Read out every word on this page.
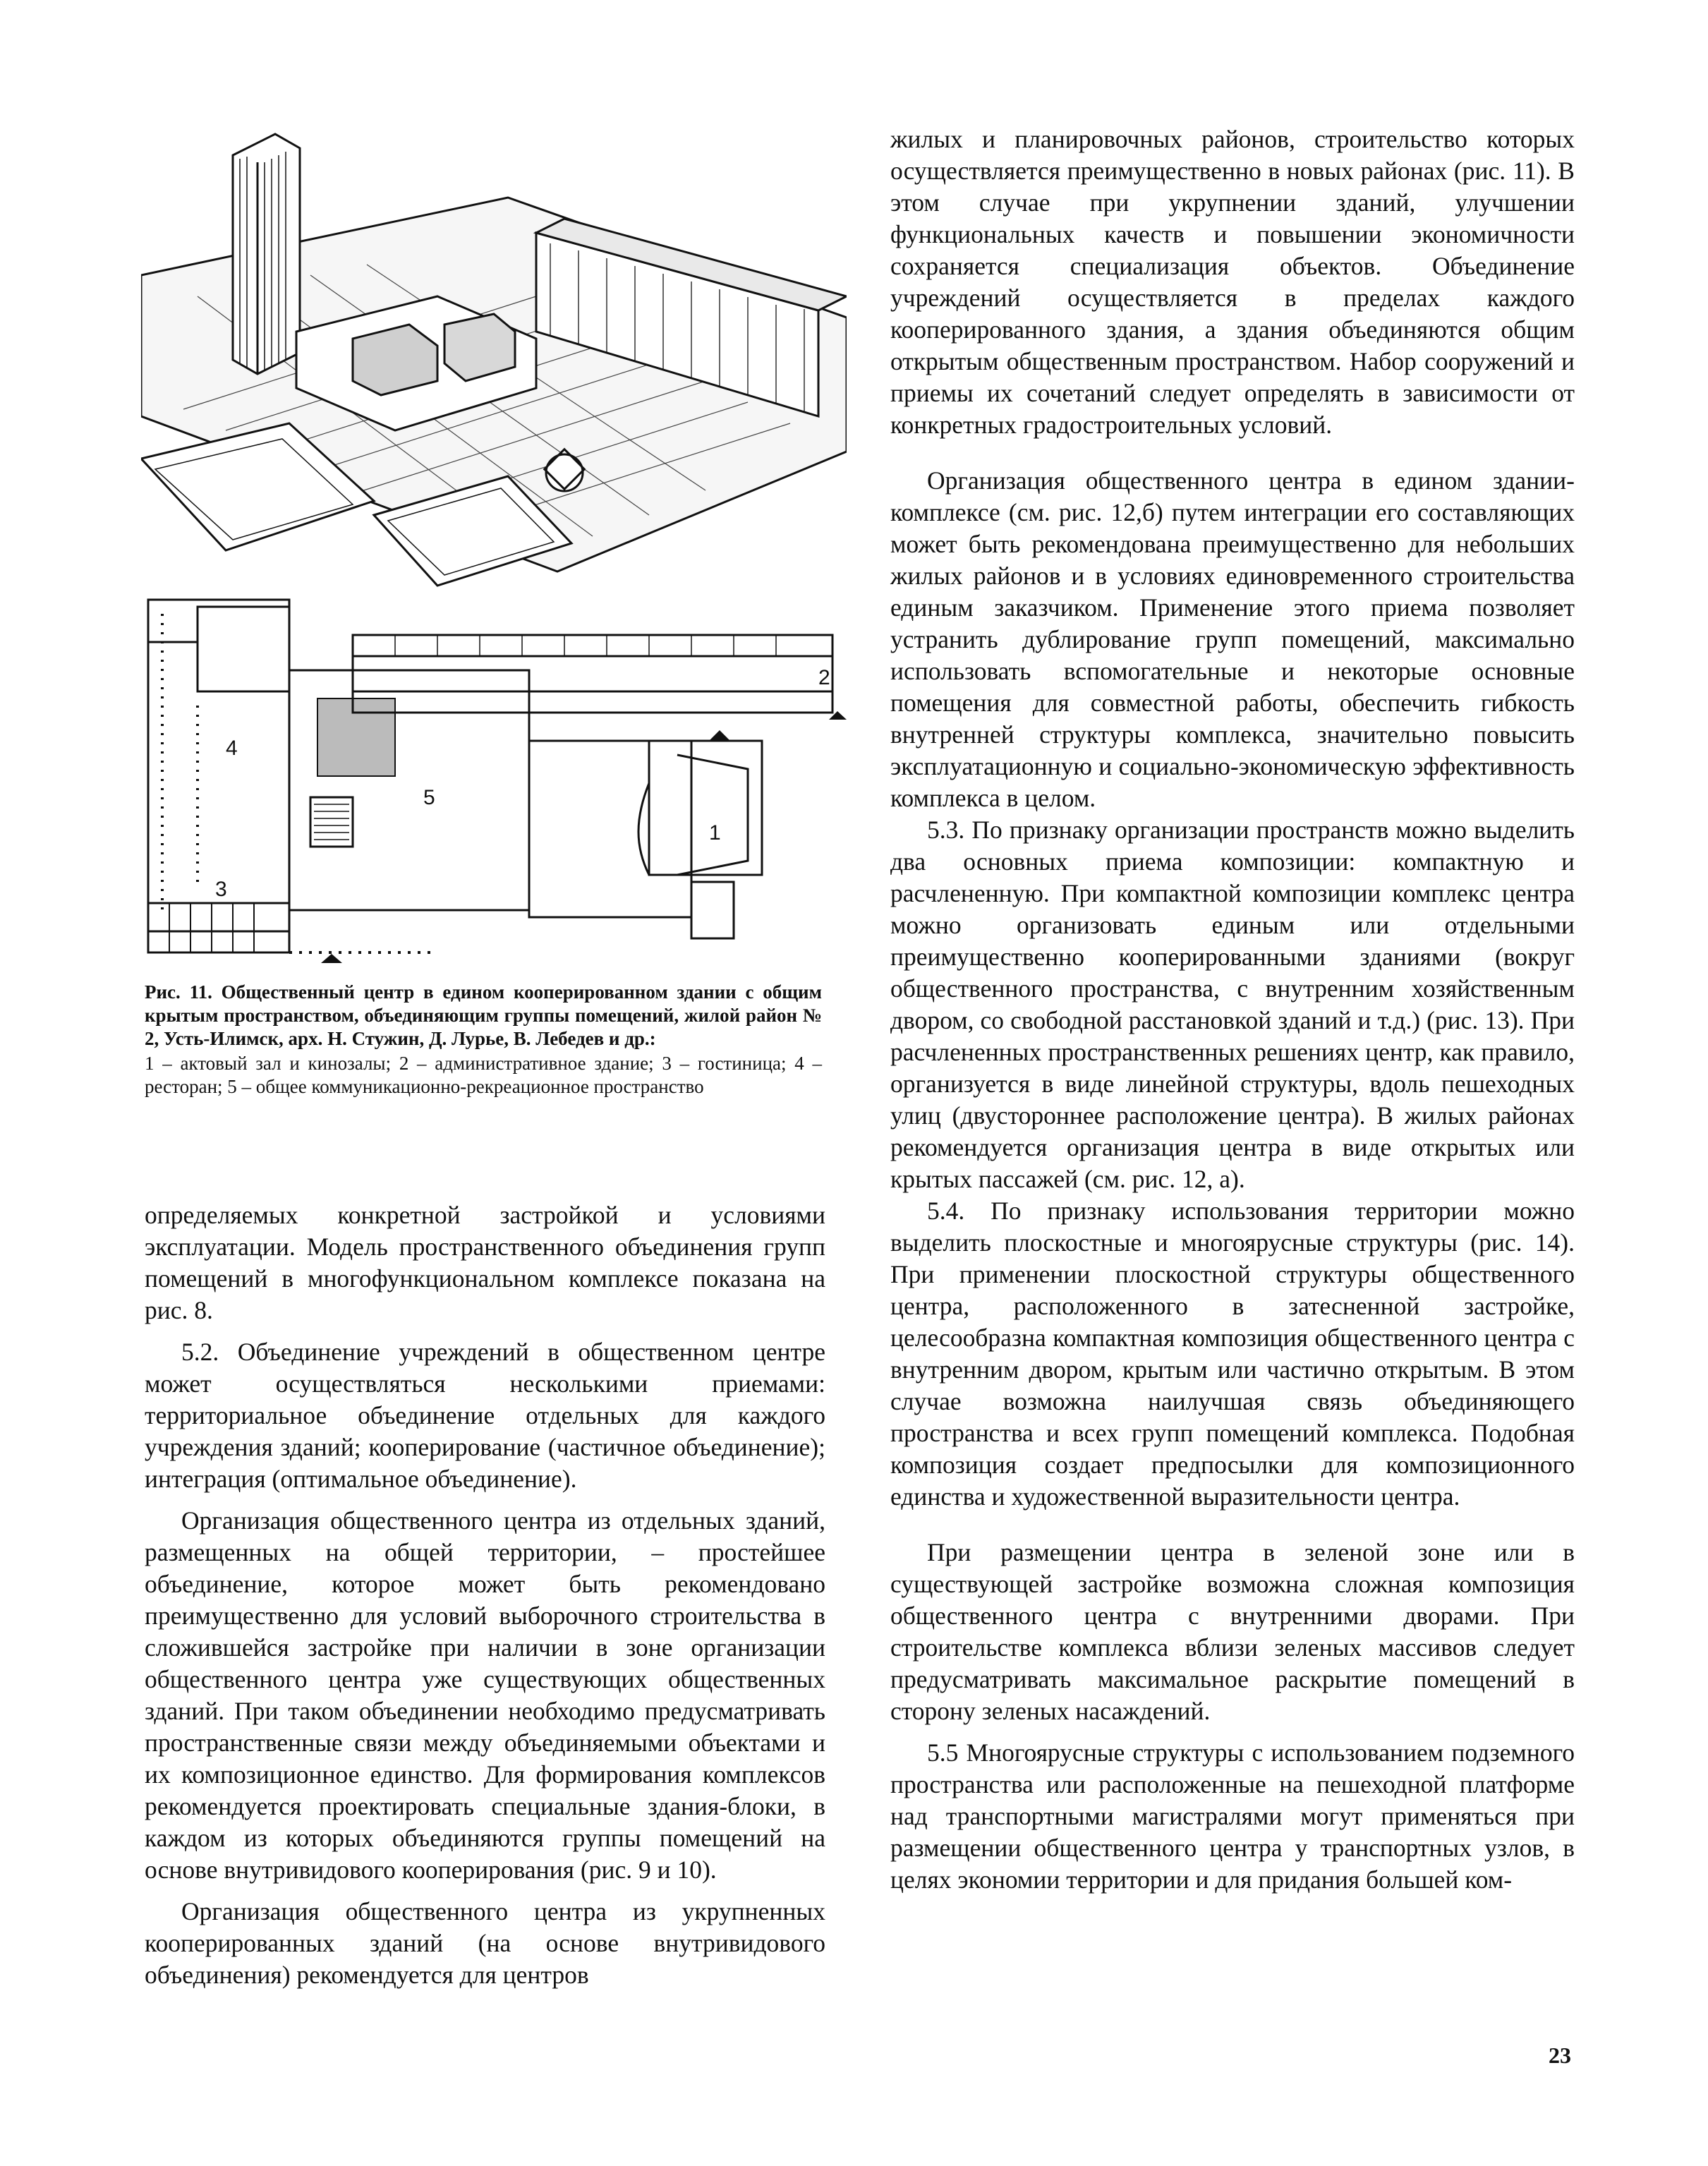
1
2
3
4
5
Рис. 11. Общественный центр в едином кооперированном здании с общим крытым пространством, объединяющим группы помещений, жилой район № 2, Усть-Илимск, арх. Н. Стужин, Д. Лурье, В. Лебедев и др.:
1 – актовый зал и кинозалы; 2 – административное здание; 3 – гостиница; 4 – ресторан; 5 – общее коммуникационно-рекреационное пространство

определяемых конкретной застройкой и условиями эксплуатации. Модель пространственного объединения групп помещений в многофункциональном комплексе показана на рис. 8.

5.2. Объединение учреждений в общественном центре может осуществляться несколькими приемами: территориальное объединение отдельных для каждого учреждения зданий; кооперирование (частичное объединение); интеграция (оптимальное объединение).

Организация общественного центра из отдельных зданий, размещенных на общей территории, – простейшее объединение, которое может быть рекомендовано преимущественно для условий выборочного строительства в сложившейся застройке при наличии в зоне организации общественного центра уже существующих общественных зданий. При таком объединении необходимо предусматривать пространственные связи между объединяемыми объектами и их композиционное единство. Для формирования комплексов рекомендуется проектировать специальные здания-блоки, в каждом из которых объединяются группы помещений на основе внутривидового кооперирования (рис. 9 и 10).

Организация общественного центра из укрупненных кооперированных зданий (на основе внутривидового объединения) рекомендуется для центров

жилых и планировочных районов, строительство которых осуществляется преимущественно в новых районах (рис. 11). В этом случае при укрупнении зданий, улучшении функциональных качеств и повышении экономичности сохраняется специализация объектов. Объединение учреждений осуществляется в пределах каждого кооперированного здания, а здания объединяются общим открытым общественным пространством. Набор сооружений и приемы их сочетаний следует определять в зависимости от конкретных градостроительных условий.

Организация общественного центра в едином здании-комплексе (см. рис. 12,б) путем интеграции его составляющих может быть рекомендована преимущественно для небольших жилых районов и в условиях единовременного строительства единым заказчиком. Применение этого приема позволяет устранить дублирование групп помещений, максимально использовать вспомогательные и некоторые основные помещения для совместной работы, обеспечить гибкость внутренней структуры комплекса, значительно повысить эксплуатационную и социально-экономическую эффективность комплекса в целом.

5.3. По признаку организации пространств можно выделить два основных приема композиции: компактную и расчлененную. При компактной композиции комплекс центра можно организовать единым или отдельными преимущественно кооперированными зданиями (вокруг общественного пространства, с внутренним хозяйственным двором, со свободной расстановкой зданий и т.д.) (рис. 13). При расчлененных пространственных решениях центр, как правило, организуется в виде линейной структуры, вдоль пешеходных улиц (двустороннее расположение центра). В жилых районах рекомендуется организация центра в виде открытых или крытых пассажей (см. рис. 12, а).

5.4. По признаку использования территории можно выделить плоскостные и многоярусные структуры (рис. 14). При применении плоскостной структуры общественного центра, расположенного в затесненной застройке, целесообразна компактная композиция общественного центра с внутренним двором, крытым или частично открытым. В этом случае возможна наилучшая связь объединяющего пространства и всех групп помещений комплекса. Подобная композиция создает предпосылки для композиционного единства и художественной выразительности центра.

При размещении центра в зеленой зоне или в существующей застройке возможна сложная композиция общественного центра с внутренними дворами. При строительстве комплекса вблизи зеленых массивов следует предусматривать максимальное раскрытие помещений в сторону зеленых насаждений.

5.5 Многоярусные структуры с использованием подземного пространства или расположенные на пешеходной платформе над транспортными магистралями могут применяться при размещении общественного центра у транспортных узлов, в целях экономии территории и для придания большей ком-

23
